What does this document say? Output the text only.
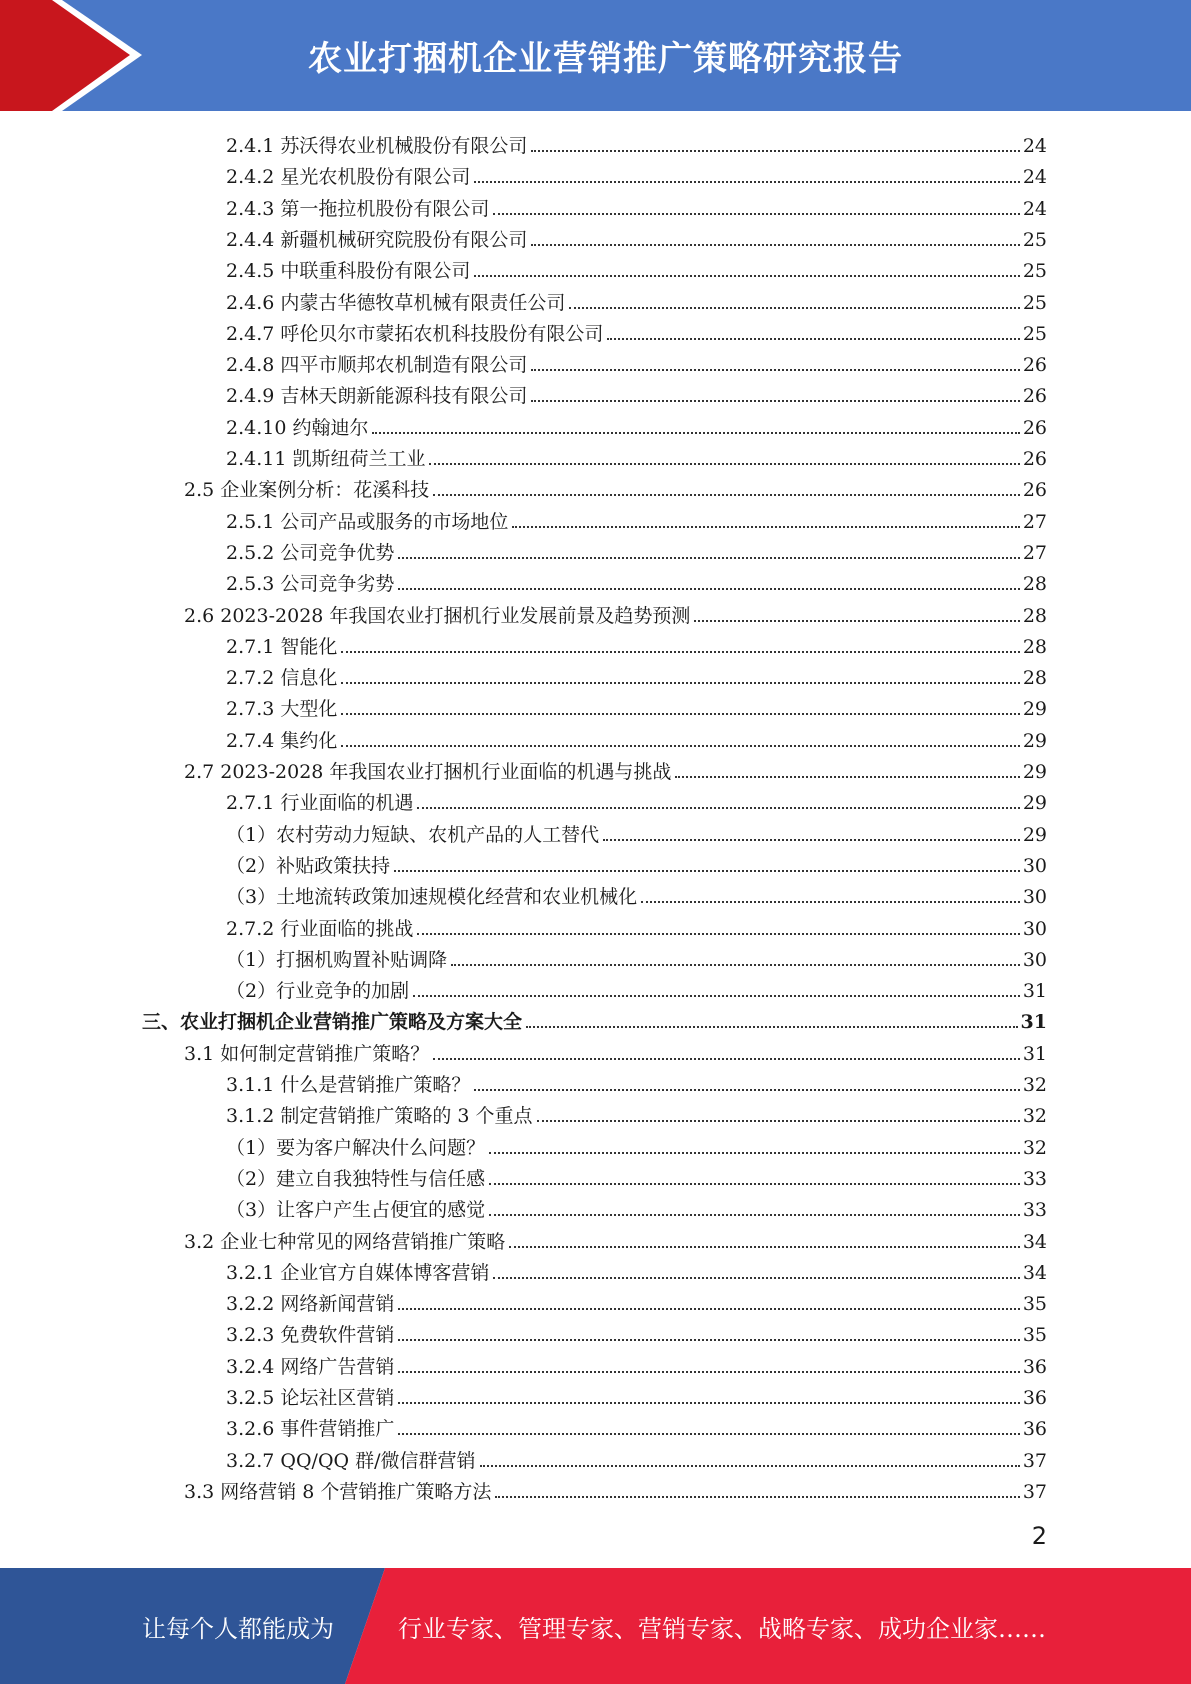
农业打捆机企业营销推广策略研究报告
2.4.1 苏沃得农业机械股份有限公司	24
2.4.2 星光农机股份有限公司	24
2.4.3 第一拖拉机股份有限公司	24
2.4.4 新疆机械研究院股份有限公司	25
2.4.5 中联重科股份有限公司	25
2.4.6 内蒙古华德牧草机械有限责任公司	25
2.4.7 呼伦贝尔市蒙拓农机科技股份有限公司	25
2.4.8 四平市顺邦农机制造有限公司	26
2.4.9 吉林天朗新能源科技有限公司	26
2.4.10 约翰迪尔	26
2.4.11 凯斯纽荷兰工业	26
2.5 企业案例分析：花溪科技	26
2.5.1 公司产品或服务的市场地位	27
2.5.2 公司竞争优势	27
2.5.3 公司竞争劣势	28
2.6 2023-2028 年我国农业打捆机行业发展前景及趋势预测	28
2.7.1 智能化	28
2.7.2 信息化	28
2.7.3 大型化	29
2.7.4 集约化	29
2.7 2023-2028 年我国农业打捆机行业面临的机遇与挑战	29
2.7.1 行业面临的机遇	29
（1）农村劳动力短缺、农机产品的人工替代	29
（2）补贴政策扶持	30
（3）土地流转政策加速规模化经营和农业机械化	30
2.7.2 行业面临的挑战	30
（1）打捆机购置补贴调降	30
（2）行业竞争的加剧	31
三、农业打捆机企业营销推广策略及方案大全	31
3.1 如何制定营销推广策略？	31
3.1.1 什么是营销推广策略？	32
3.1.2 制定营销推广策略的 3 个重点	32
（1）要为客户解决什么问题？	32
（2）建立自我独特性与信任感	33
（3）让客户产生占便宜的感觉	33
3.2 企业七种常见的网络营销推广策略	34
3.2.1 企业官方自媒体博客营销	34
3.2.2 网络新闻营销	35
3.2.3 免费软件营销	35
3.2.4 网络广告营销	36
3.2.5 论坛社区营销	36
3.2.6 事件营销推广	36
3.2.7 QQ/QQ 群/微信群营销	37
3.3 网络营销 8 个营销推广策略方法	37
2
让每个人都能成为	行业专家、管理专家、营销专家、战略专家、成功企业家……
